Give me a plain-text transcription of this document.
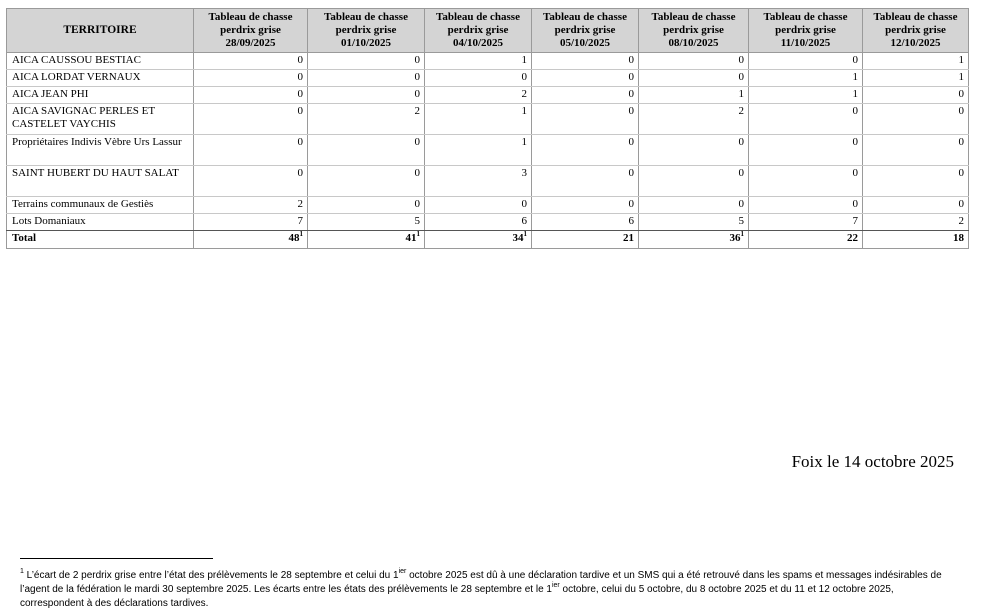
TERRITOIRE	Tableau de chasse perdrix grise 28/09/2025	Tableau de chasse perdrix grise 01/10/2025	Tableau de chasse perdrix grise 04/10/2025	Tableau de chasse perdrix grise 05/10/2025	Tableau de chasse perdrix grise 08/10/2025	Tableau de chasse perdrix grise 11/10/2025	Tableau de chasse perdrix grise 12/10/2025
AICA CAUSSOU BESTIAC	0	0	1	0	0	0	1
AICA LORDAT VERNAUX	0	0	0	0	0	1	1
AICA JEAN PHI	0	0	2	0	1	1	0
AICA SAVIGNAC PERLES ET CASTELET VAYCHIS	0	2	1	0	2	0	0
Propriétaires Indivis Vèbre Urs Lassur	0	0	1	0	0	0	0
SAINT HUBERT DU HAUT SALAT	0	0	3	0	0	0	0
Terrains communaux de Gestiès	2	0	0	0	0	0	0
Lots Domaniaux	7	5	6	6	5	7	2
Total	$48^1$	$41^1$	$34^1$	21	$36^1$	22	18
Foix le 14 octobre 2025
$^1$ L’écart de 2 perdrix grise entre l’état des prélèvements le 28 septembre et celui du $1^{ier}$ octobre 2025 est dû à une déclaration tardive et un SMS qui a été retrouvé dans les spams et messages indésirables de l’agent de la fédération le mardi 30 septembre 2025. Les écarts entre les états des prélèvements le 28 septembre et le $1^{ier}$ octobre, celui du 5 octobre, du 8 octobre 2025 et du 11 et 12 octobre 2025, correspondent à des déclarations tardives.
